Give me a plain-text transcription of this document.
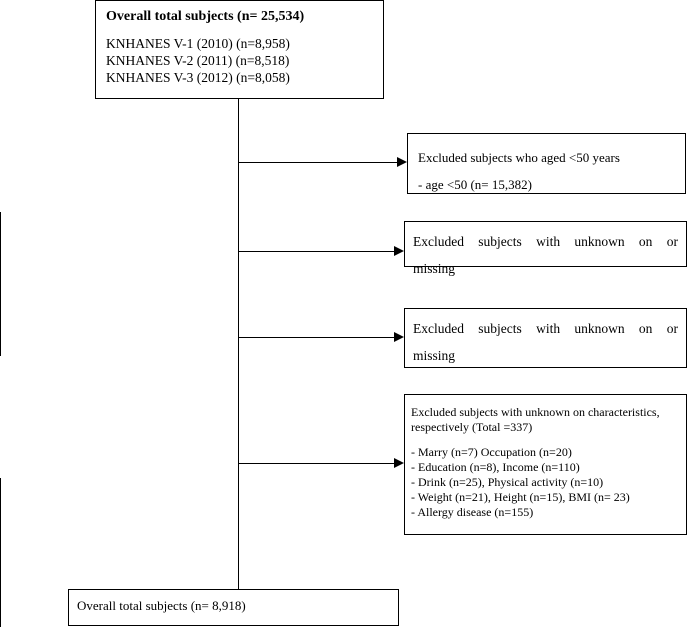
Overall total subjects (n= 25,534)
KNHANES V-1 (2010) (n=8,958)
KNHANES V-2 (2011) (n=8,518)
KNHANES V-3 (2012) (n=8,058)
Excluded subjects who aged <50 years
- age <50 (n= 15,382)
Excluded subjects with unknown on or
missing
Excluded subjects with unknown on or
missing
Excluded subjects with unknown on characteristics,
respectively (Total =337)
- Marry (n=7) Occupation (n=20)
- Education (n=8), Income (n=110)
- Drink (n=25), Physical activity (n=10)
- Weight (n=21), Height (n=15), BMI (n= 23)
- Allergy disease (n=155)
Overall total subjects (n= 8,918)
